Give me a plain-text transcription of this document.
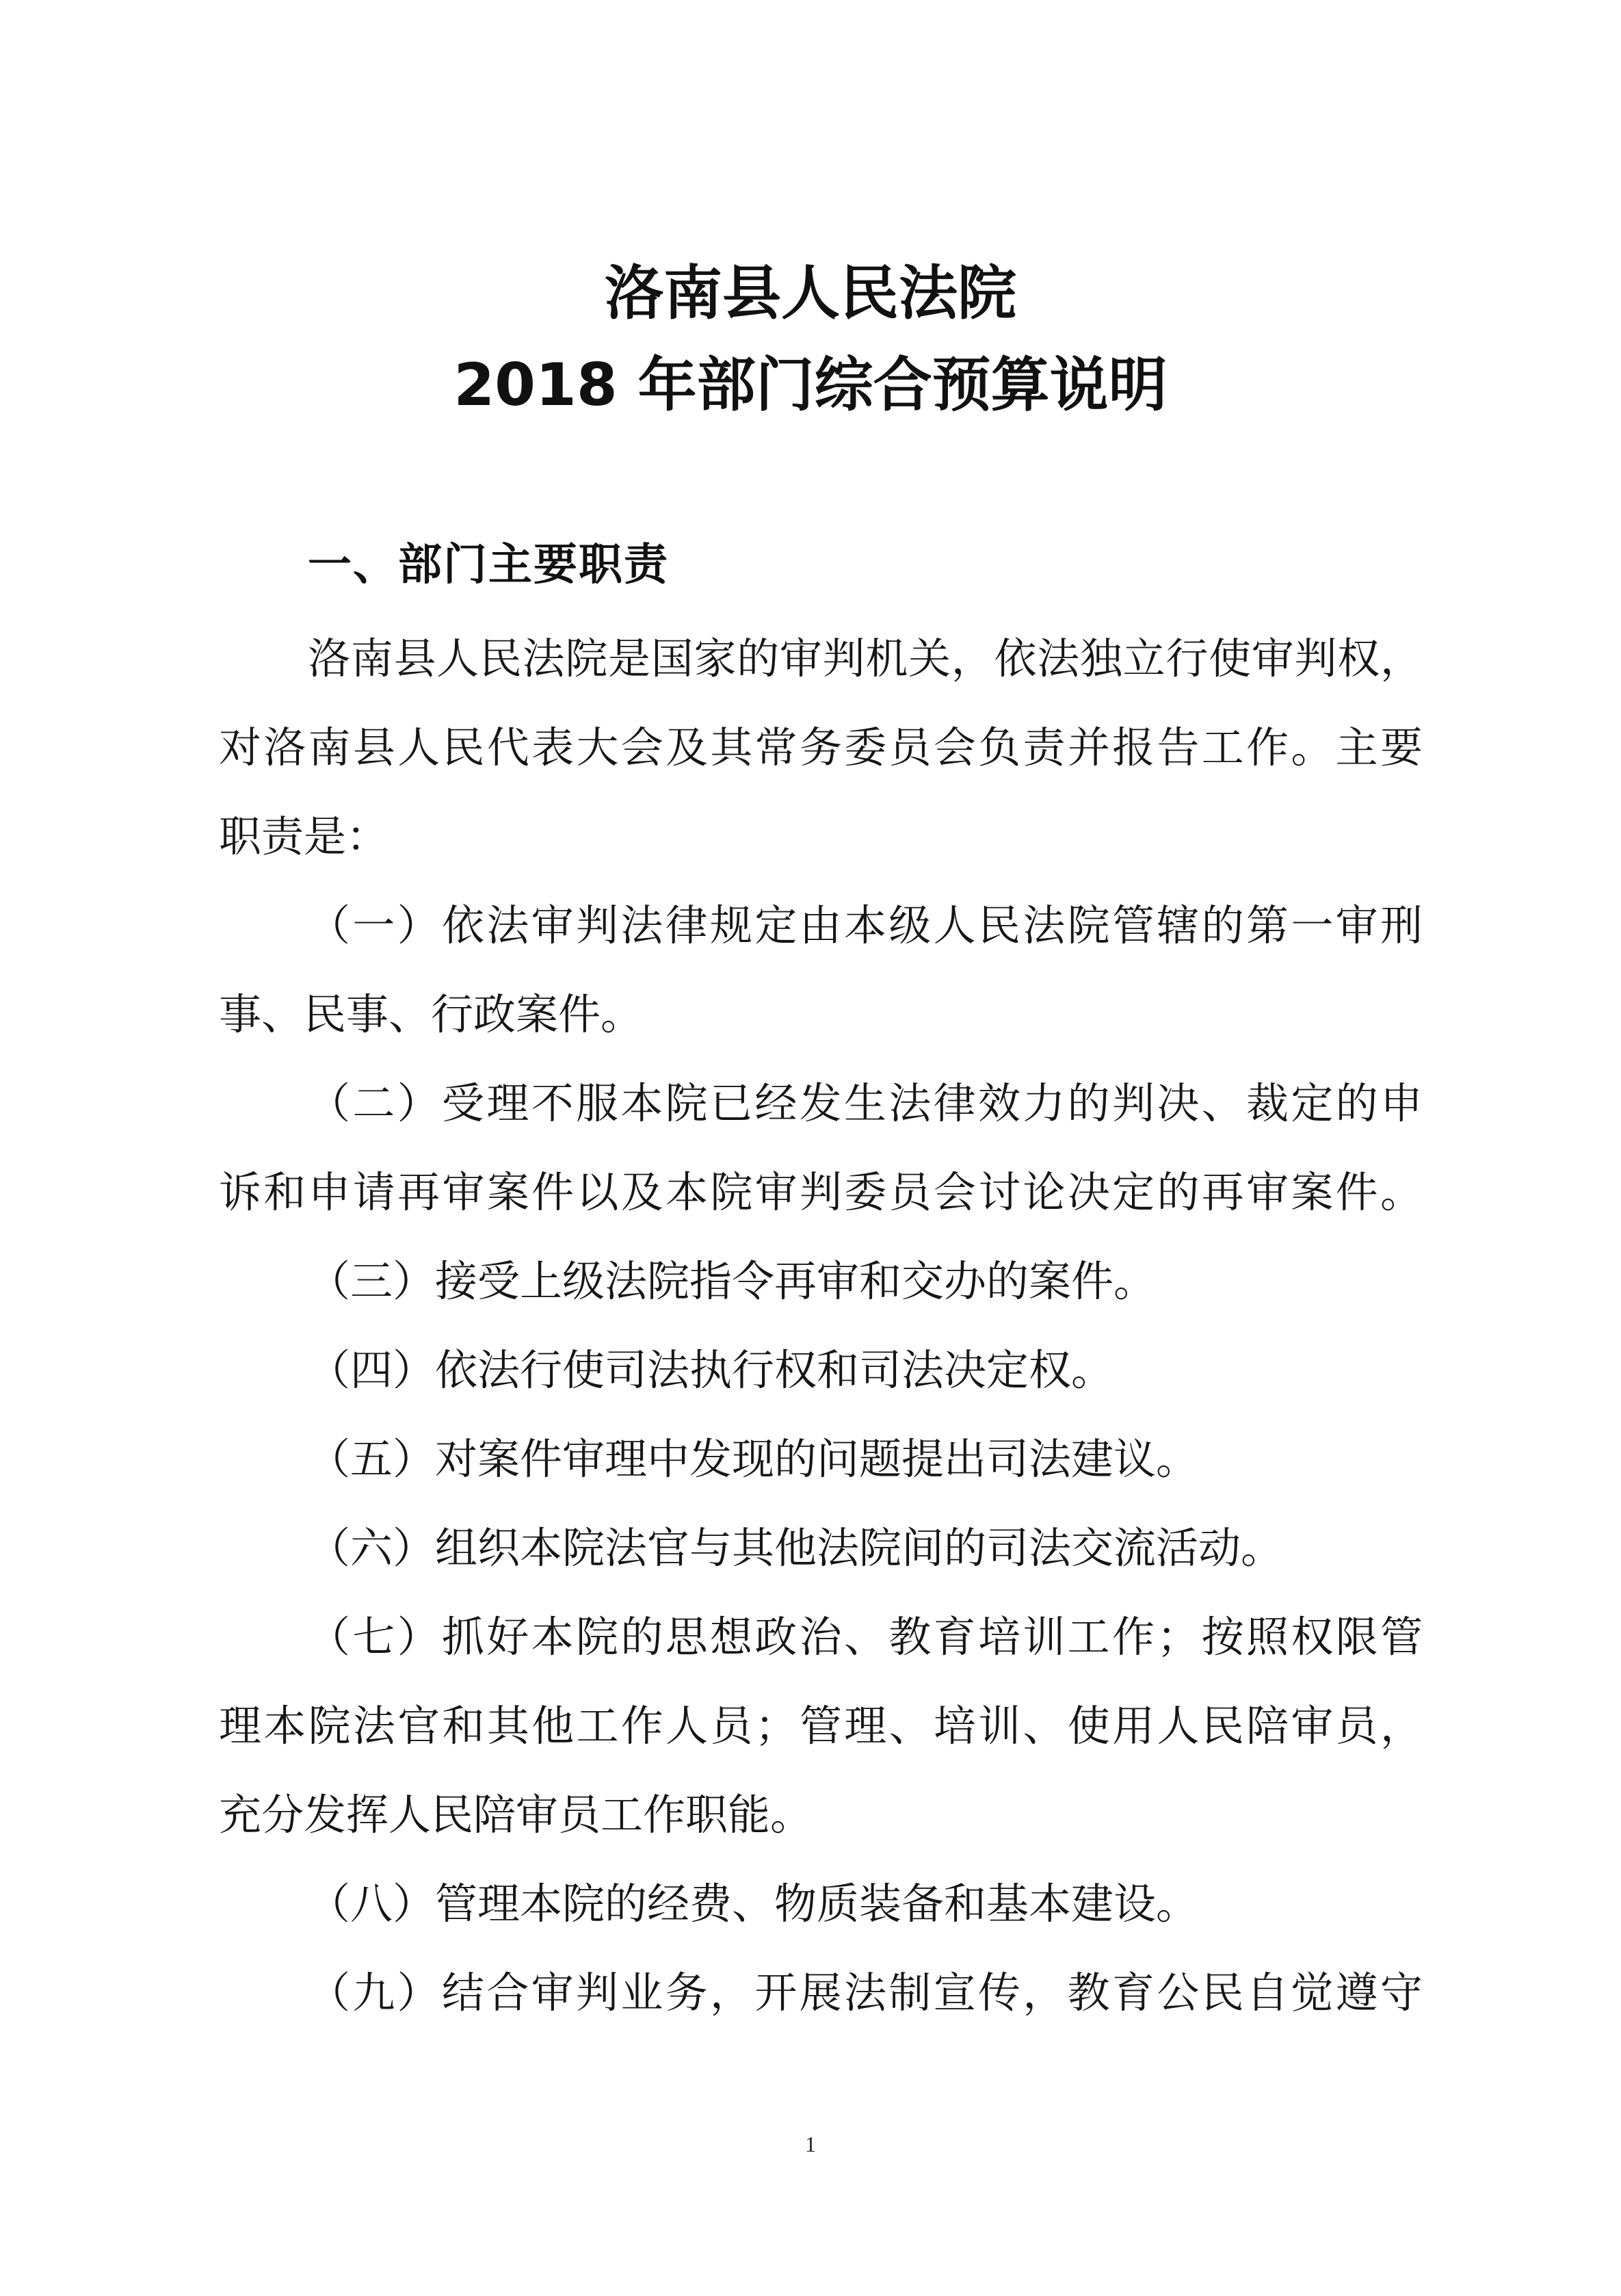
洛南县人民法院
2018 年部门综合预算说明
一、部门主要职责
洛南县人民法院是国家的审判机关，依法独立行使审判权，
对洛南县人民代表大会及其常务委员会负责并报告工作。主要
职责是：
（一）依法审判法律规定由本级人民法院管辖的第一审刑
事、民事、行政案件。
（二）受理不服本院已经发生法律效力的判决、裁定的申
诉和申请再审案件以及本院审判委员会讨论决定的再审案件。
（三）接受上级法院指令再审和交办的案件。
（四）依法行使司法执行权和司法决定权。
（五）对案件审理中发现的问题提出司法建议。
（六）组织本院法官与其他法院间的司法交流活动。
（七）抓好本院的思想政治、教育培训工作；按照权限管
理本院法官和其他工作人员；管理、培训、使用人民陪审员，
充分发挥人民陪审员工作职能。
（八）管理本院的经费、物质装备和基本建设。
（九）结合审判业务，开展法制宣传，教育公民自觉遵守
1
